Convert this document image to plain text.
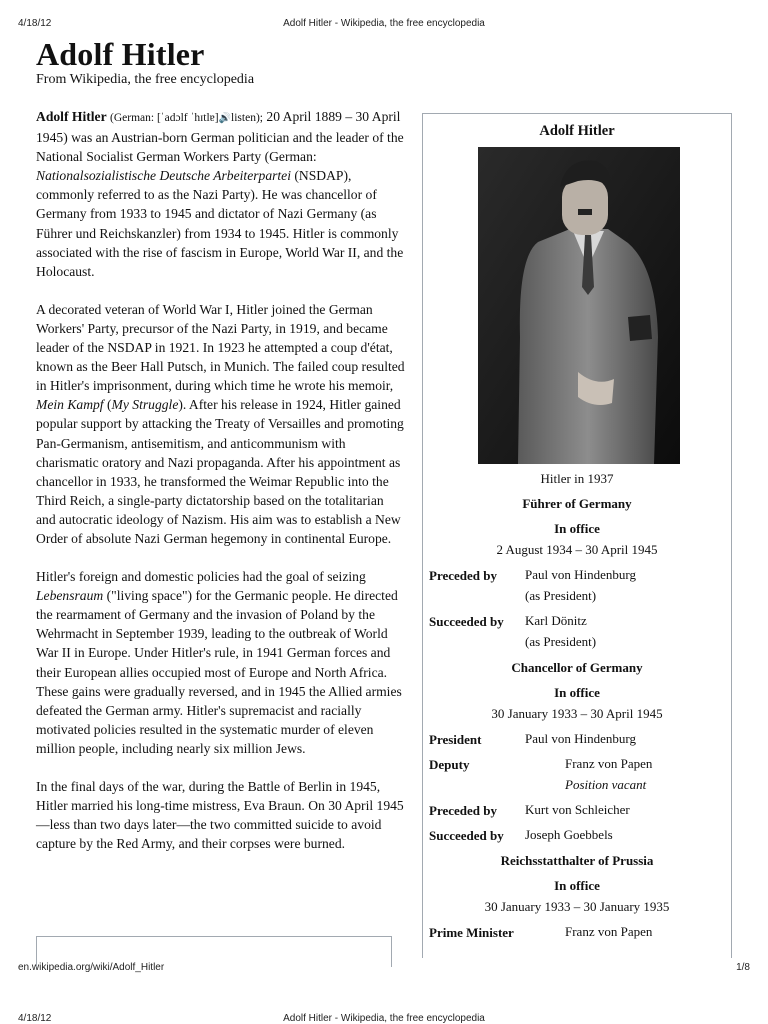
4/18/12	Adolf Hitler - Wikipedia, the free encyclopedia
en.wikipedia.org/wiki/Adolf_Hitler	1/8
4/18/12	Adolf Hitler - Wikipedia, the free encyclopedia
Adolf Hitler
From Wikipedia, the free encyclopedia

Adolf Hitler (German: [ˈadɔlf ˈhɪtlɐ]🔊listen); 20 April 1889 – 30 April 1945) was an Austrian-born German politician and the leader of the National Socialist German Workers Party (German: Nationalsozialistische Deutsche Arbeiterpartei (NSDAP), commonly referred to as the Nazi Party). He was chancellor of Germany from 1933 to 1945 and dictator of Nazi Germany (as Führer und Reichskanzler) from 1934 to 1945. Hitler is commonly associated with the rise of fascism in Europe, World War II, and the Holocaust.

A decorated veteran of World War I, Hitler joined the German Workers' Party, precursor of the Nazi Party, in 1919, and became leader of the NSDAP in 1921. In 1923 he attempted a coup d'état, known as the Beer Hall Putsch, in Munich. The failed coup resulted in Hitler's imprisonment, during which time he wrote his memoir, Mein Kampf (My Struggle). After his release in 1924, Hitler gained popular support by attacking the Treaty of Versailles and promoting Pan-Germanism, antisemitism, and anticommunism with charismatic oratory and Nazi propaganda. After his appointment as chancellor in 1933, he transformed the Weimar Republic into the Third Reich, a single-party dictatorship based on the totalitarian and autocratic ideology of Nazism. His aim was to establish a New Order of absolute Nazi German hegemony in continental Europe.

Hitler's foreign and domestic policies had the goal of seizing Lebensraum ("living space") for the Germanic people. He directed the rearmament of Germany and the invasion of Poland by the Wehrmacht in September 1939, leading to the outbreak of World War II in Europe. Under Hitler's rule, in 1941 German forces and their European allies occupied most of Europe and North Africa. These gains were gradually reversed, and in 1945 the Allied armies defeated the German army. Hitler's supremacist and racially motivated policies resulted in the systematic murder of eleven million people, including nearly six million Jews.

In the final days of the war, during the Battle of Berlin in 1945, Hitler married his long-time mistress, Eva Braun. On 30 April 1945—less than two days later—the two committed suicide to avoid capture by the Red Army, and their corpses were burned.

Adolf Hitler
Hitler in 1937
Führer of Germany
In office
2 August 1934 – 30 April 1945
Preceded by Paul von Hindenburg
(as President)
Succeeded by Karl Dönitz
(as President)
Chancellor of Germany
In office
30 January 1933 – 30 April 1945
President	Paul von Hindenburg
Deputy	Franz von Papen
Position vacant
Preceded by Kurt von Schleicher
Succeeded by Joseph Goebbels
Reichsstatthalter of Prussia
In office
30 January 1933 – 30 January 1935
Prime Minister	Franz von Papen
